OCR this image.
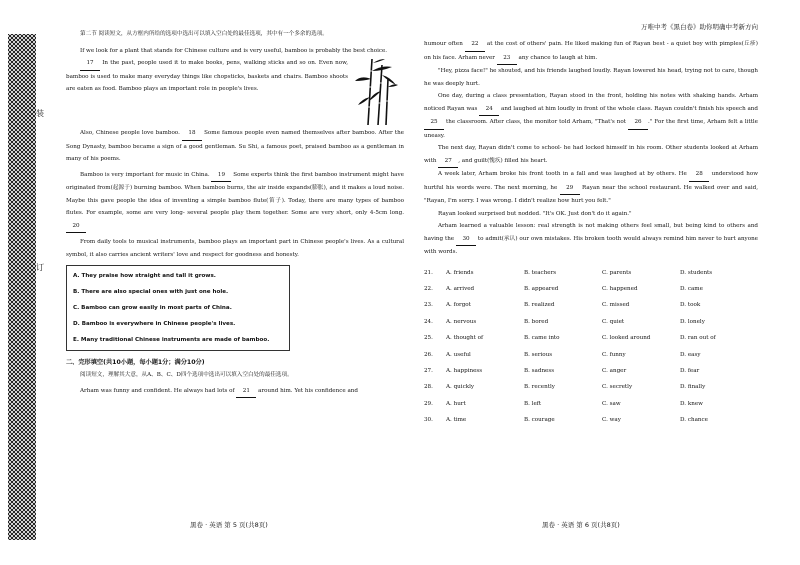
装
订

第二节 阅读短文，从方框内所给的选项中选出可以填入空白处的最佳选项，其中有一个多余的选项。

If we look for a plant that stands for Chinese culture and is very useful, bamboo is probably the best choice.

17 In the past, people used it to make books, pens, walking sticks and so on. Even now, bamboo is used to make many everyday things like chopsticks, baskets and chairs. Bamboo shoots are eaten as food. Bamboo plays an important role in people's lives.

Also, Chinese people love bamboo. 18 Some famous people even named themselves after bamboo. After the Song Dynasty, bamboo became a sign of a good gentleman. Su Shi, a famous poet, praised bamboo as a gentleman in many of his poems.

Bamboo is very important for music in China. 19 Some experts think the first bamboo instrument might have originated from(起源于) burning bamboo. When bamboo burns, the air inside expands(膨胀), and it makes a loud noise. Maybe this gave people the idea of inventing a simple bamboo flute(笛子). Today, there are many types of bamboo flutes. For example, some are very long- several people play them together. Some are very short, only 4-5cm long. 20

From daily tools to musical instruments, bamboo plays an important part in Chinese people's lives. As a cultural symbol, it also carries ancient writers' love and respect for goodness and honesty.

A. They praise how straight and tall it grows.
B. There are also special ones with just one hole.
C. Bamboo can grow easily in most parts of China.
D. Bamboo is everywhere in Chinese people's lives.
E. Many traditional Chinese instruments are made of bamboo.
二、完形填空(共10小题，每小题1分；满分10分)

阅读短文，理解其大意，从A、B、C、D四个选项中选出可以填入空白处的最佳选项。

Arham was funny and confident. He always had lots of 21 around him. Yet his confidence and

黑卷 · 英语 第 5 页(共8页)
万唯中考《黑白卷》助你明确中考新方向

humour often 22 at the cost of others' pain. He liked making fun of Rayan best - a quiet boy with pimples(丘疹) on his face. Arham never 23 any chance to laugh at him.

"Hey, pizza face!" he shouted, and his friends laughed loudly. Rayan lowered his head, trying not to care, though he was deeply hurt.

One day, during a class presentation, Rayan stood in the front, holding his notes with shaking hands. Arham noticed Rayan was 24 and laughed at him loudly in front of the whole class. Rayan couldn't finish his speech and 25 the classroom. After class, the monitor told Arham, "That's not 26 ." For the first time, Arham felt a little uneasy.

The next day, Rayan didn't come to school- he had locked himself in his room. Other students looked at Arham with 27 , and guilt(愧疚) filled his heart.

A week later, Arham broke his front tooth in a fall and was laughed at by others. He 28 understood how hurtful his words were. The next morning, he 29 Rayan near the school restaurant. He walked over and said, "Rayan, I'm sorry. I was wrong. I didn't realize how hurt you felt."

Rayan looked surprised but nodded. "It's OK. Just don't do it again."

Arham learned a valuable lesson: real strength is not making others feel small, but being kind to others and having the 30 to admit(承认) our own mistakes. His broken tooth would always remind him never to hurt anyone with words.

21.	A. friends	B. teachers	C. parents	D. students
22.	A. arrived	B. appeared	C. happened	D. came
23.	A. forgot	B. realized	C. missed	D. took
24.	A. nervous	B. bored	C. quiet	D. lonely
25.	A. thought of	B. came into	C. looked around	D. ran out of
26.	A. useful	B. serious	C. funny	D. easy
27.	A. happiness	B. sadness	C. anger	D. fear
28.	A. quickly	B. recently	C. secretly	D. finally
29.	A. hurt	B. left	C. saw	D. knew
30.	A. time	B. courage	C. way	D. chance
黑卷 · 英语 第 6 页(共8页)
